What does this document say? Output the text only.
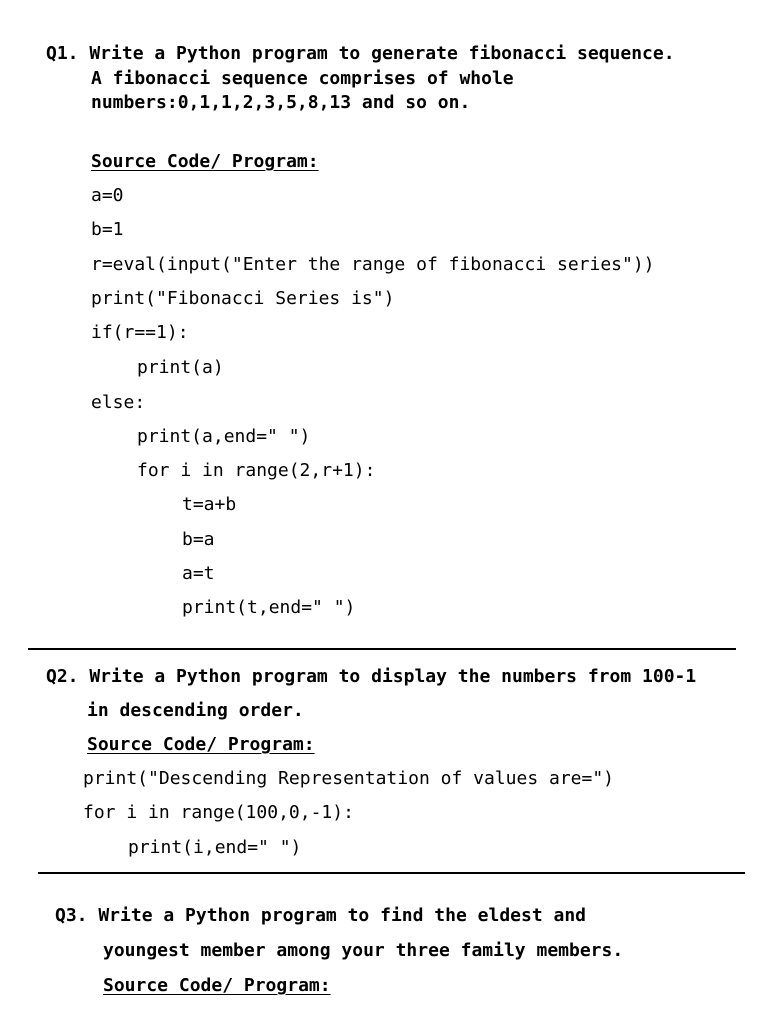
Q1. Write a Python program to generate fibonacci sequence.
A fibonacci sequence comprises of whole
numbers:0,1,1,2,3,5,8,13 and so on.
Source Code/ Program:
a=0
b=1
r=eval(input("Enter the range of fibonacci series"))
print("Fibonacci Series is")
if(r==1):
print(a)
else:
print(a,end=" ")
for i in range(2,r+1):
t=a+b
b=a
a=t
print(t,end=" ")
Q2. Write a Python program to display the numbers from 100-1
in descending order.
Source Code/ Program:
print("Descending Representation of values are=")
for i in range(100,0,-1):
print(i,end=" ")
Q3. Write a Python program to find the eldest and
youngest member among your three family members.
Source Code/ Program:
